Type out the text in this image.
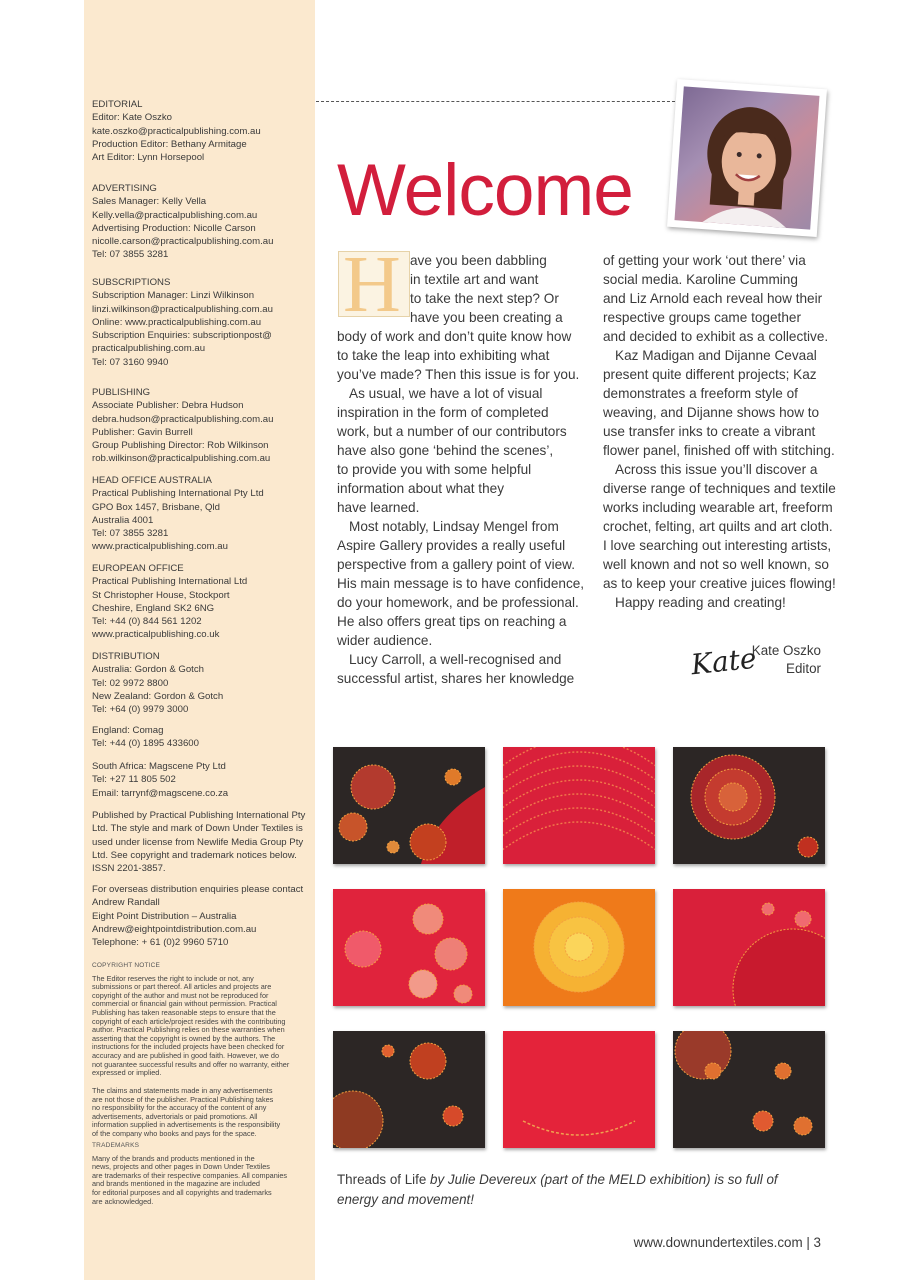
EDITORIAL
Editor: Kate Oszko
kate.oszko@practicalpublishing.com.au
Production Editor: Bethany Armitage
Art Editor: Lynn Horsepool
ADVERTISING
Sales Manager: Kelly Vella
Kelly.vella@practicalpublishing.com.au
Advertising Production: Nicolle Carson
nicolle.carson@practicalpublishing.com.au
Tel: 07 3855 3281
SUBSCRIPTIONS
Subscription Manager: Linzi Wilkinson
linzi.wilkinson@practicalpublishing.com.au
Online: www.practicalpublishing.com.au
Subscription Enquiries: subscriptionpost@
practicalpublishing.com.au
Tel: 07 3160 9940
PUBLISHING
Associate Publisher: Debra Hudson
debra.hudson@practicalpublishing.com.au
Publisher: Gavin Burrell
Group Publishing Director: Rob Wilkinson
rob.wilkinson@practicalpublishing.com.au
HEAD OFFICE AUSTRALIA
Practical Publishing International Pty Ltd
GPO Box 1457, Brisbane, Qld
Australia 4001
Tel: 07 3855 3281
www.practicalpublishing.com.au
EUROPEAN OFFICE
Practical Publishing International Ltd
St Christopher House, Stockport
Cheshire, England SK2 6NG
Tel: +44 (0) 844 561 1202
www.practicalpublishing.co.uk
DISTRIBUTION
Australia: Gordon & Gotch
Tel: 02 9972 8800
New Zealand: Gordon & Gotch
Tel: +64 (0) 9979 3000
England: Comag
Tel: +44 (0) 1895 433600
South Africa: Magscene Pty Ltd
Tel: +27 11 805 502
Email: tarrynf@magscene.co.za
Published by Practical Publishing International Pty
Ltd. The style and mark of Down Under Textiles is
used under license from Newlife Media Group Pty
Ltd. See copyright and trademark notices below.
ISSN 2201-3857.
For overseas distribution enquiries please contact
Andrew Randall
Eight Point Distribution – Australia
Andrew@eightpointdistribution.com.au
Telephone: + 61 (0)2 9960 5710
COPYRIGHT NOTICE
The Editor reserves the right to include or not, any
submissions or part thereof. All articles and projects are
copyright of the author and must not be reproduced for
commercial or financial gain without permission. Practical
Publishing has taken reasonable steps to ensure that the
copyright of each article/project resides with the contributing
author. Practical Publishing relies on these warranties when
asserting that the copyright is owned by the authors. The
instructions for the included projects have been checked for
accuracy and are published in good faith. However, we do
not guarantee successful results and offer no warranty, either
expressed or implied.
The claims and statements made in any advertisements
are not those of the publisher. Practical Publishing takes
no responsibility for the accuracy of the content of any
advertisements, advertorials or paid promotions. All
information supplied in advertisements is the responsibility
of the company who books and pays for the space.
TRADEMARKS
Many of the brands and products mentioned in the
news, projects and other pages in Down Under Textiles
are trademarks of their respective companies. All companies
and brands mentioned in the magazine are included
for editorial purposes and all copyrights and trademarks
are acknowledged.
Welcome
H ave you been dabbling
in textile art and want
to take the next step? Or
have you been creating a
body of work and don’t quite know how
to take the leap into exhibiting what
you’ve made? Then this issue is for you.
As usual, we have a lot of visual
inspiration in the form of completed
work, but a number of our contributors
have also gone ‘behind the scenes’,
to provide you with some helpful
information about what they
have learned.
Most notably, Lindsay Mengel from
Aspire Gallery provides a really useful
perspective from a gallery point of view.
His main message is to have confidence,
do your homework, and be professional.
He also offers great tips on reaching a
wider audience.
Lucy Carroll, a well-recognised and
successful artist, shares her knowledge
of getting your work ‘out there’ via
social media. Karoline Cumming
and Liz Arnold each reveal how their
respective groups came together
and decided to exhibit as a collective.
Kaz Madigan and Dijanne Cevaal
present quite different projects; Kaz
demonstrates a freeform style of
weaving, and Dijanne shows how to
use transfer inks to create a vibrant
flower panel, finished off with stitching.
Across this issue you’ll discover a
diverse range of techniques and textile
works including wearable art, freeform
crochet, felting, art quilts and art cloth.
I love searching out interesting artists,
well known and not so well known, so
as to keep your creative juices flowing!
Happy reading and creating!
Kate
Kate Oszko
Editor
Threads of Life by Julie Devereux (part of the MELD exhibition) is so full of
energy and movement!
www.downundertextiles.com | 3
